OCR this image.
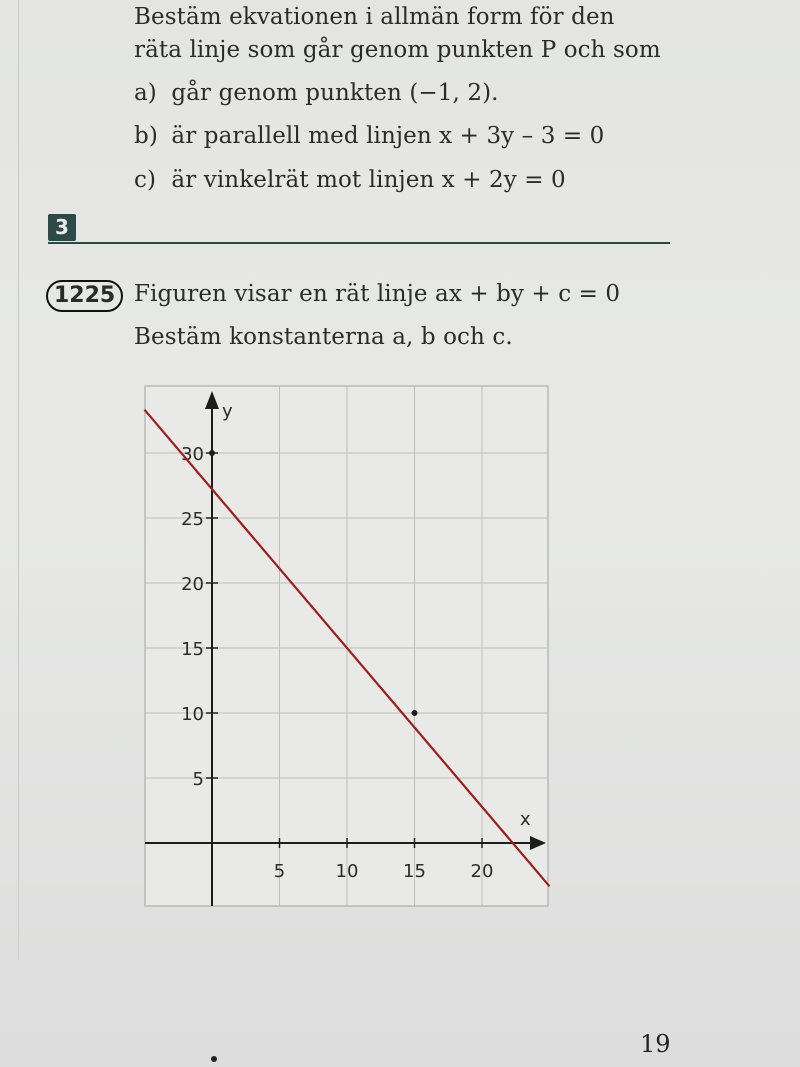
Bestäm ekvationen i allmän form för den
räta linje som går genom punkten P och som
a) går genom punkten (−1, 2).
b) är parallell med linjen x + 3y – 3 = 0
c) är vinkelrät mot linjen x + 2y = 0
3
1225 Figuren visar en rät linje ax + by + c = 0
Bestäm konstanterna a, b och c.
x
y
5	10 15 20
5
10
15
20
25
30
19
